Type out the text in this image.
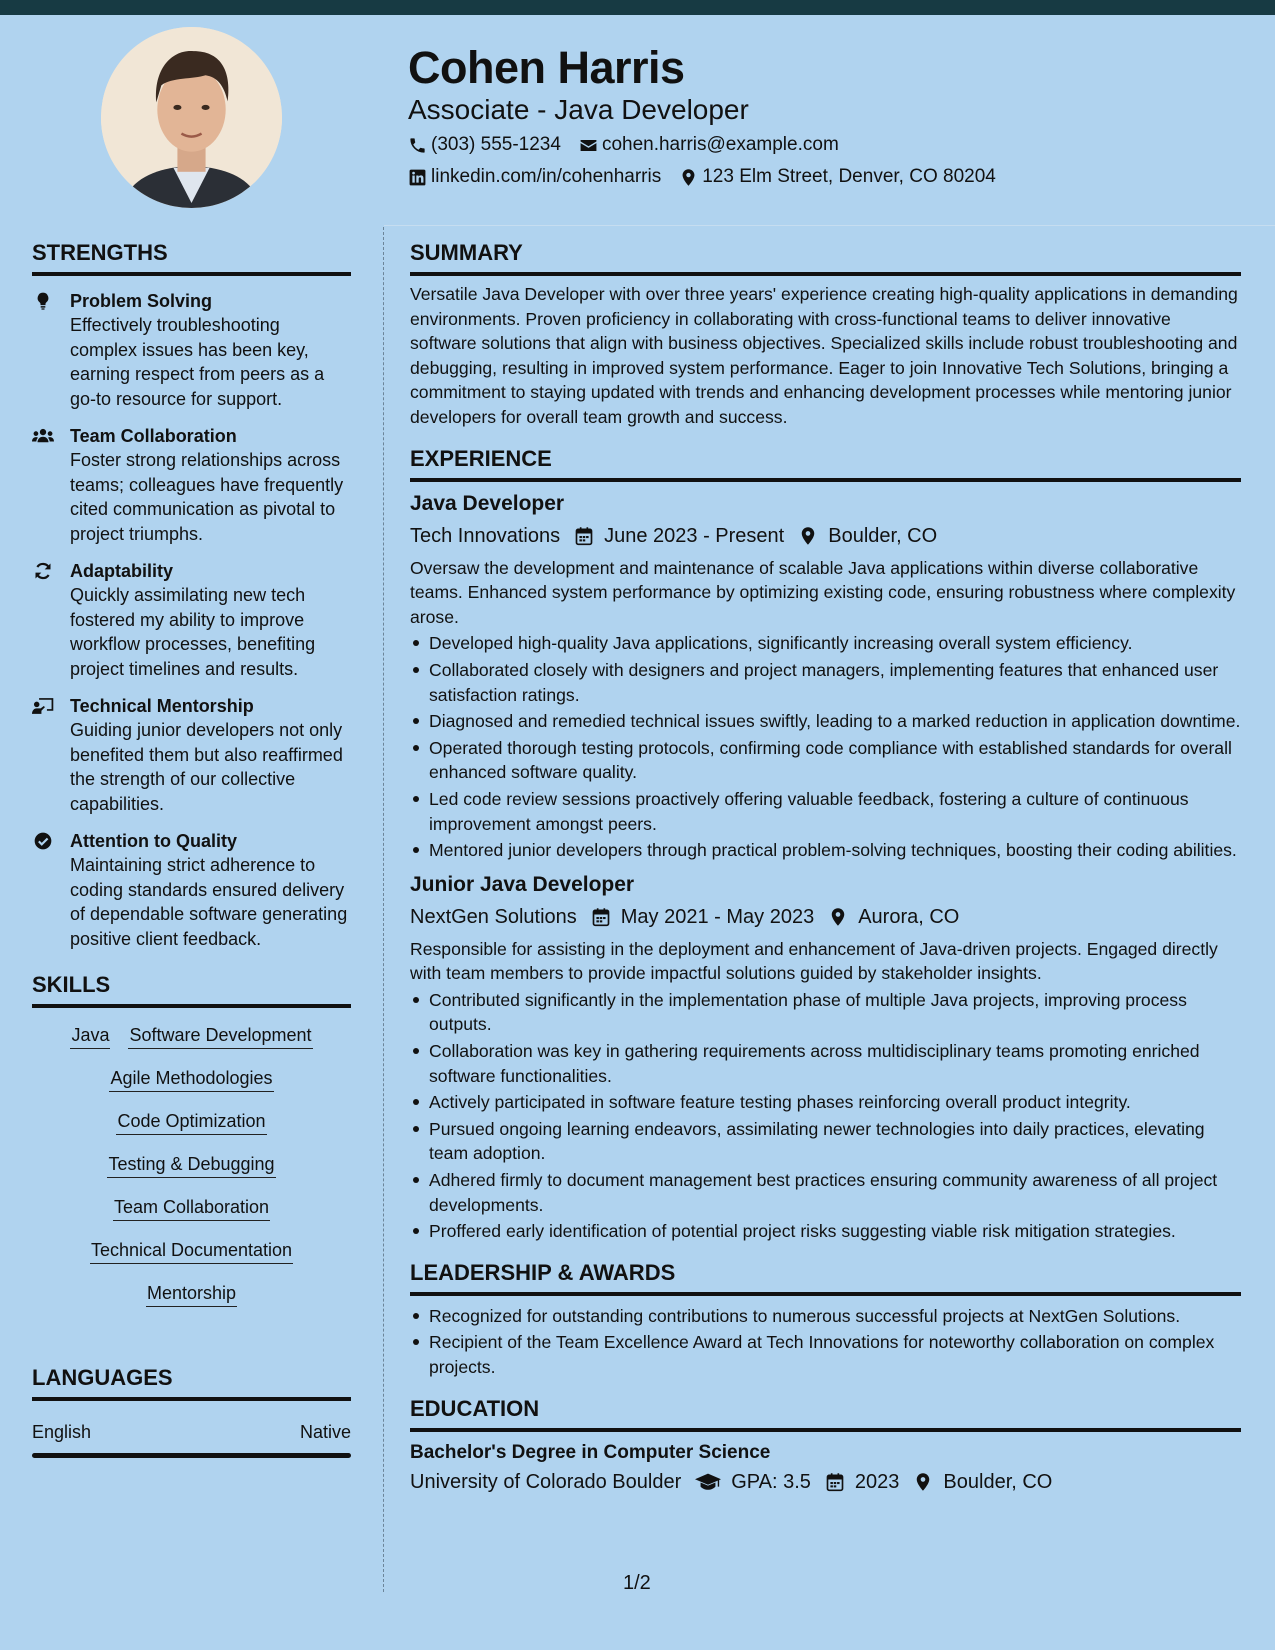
Cohen Harris
Associate - Java Developer
(303) 555-1234 cohen.harris@example.com
linkedin.com/in/cohenharris 123 Elm Street, Denver, CO 80204
STRENGTHS
Problem Solving
Effectively troubleshooting complex issues has been key, earning respect from peers as a go-to resource for support.
Team Collaboration
Foster strong relationships across teams; colleagues have frequently cited communication as pivotal to project triumphs.
Adaptability
Quickly assimilating new tech fostered my ability to improve workflow processes, benefiting project timelines and results.
Technical Mentorship
Guiding junior developers not only benefited them but also reaffirmed the strength of our collective capabilities.
Attention to Quality
Maintaining strict adherence to coding standards ensured delivery of dependable software generating positive client feedback.
SKILLS
Java Software Development
Agile Methodologies
Code Optimization
Testing & Debugging
Team Collaboration
Technical Documentation
Mentorship
LANGUAGES
English	Native
SUMMARY
Versatile Java Developer with over three years' experience creating high-quality applications in demanding environments. Proven proficiency in collaborating with cross-functional teams to deliver innovative software solutions that align with business objectives. Specialized skills include robust troubleshooting and debugging, resulting in improved system performance. Eager to join Innovative Tech Solutions, bringing a commitment to staying updated with trends and enhancing development processes while mentoring junior developers for overall team growth and success.
EXPERIENCE
Java Developer
Tech Innovations June 2023 - Present Boulder, CO
Oversaw the development and maintenance of scalable Java applications within diverse collaborative teams. Enhanced system performance by optimizing existing code, ensuring robustness where complexity arose.
Developed high-quality Java applications, significantly increasing overall system efficiency.
Collaborated closely with designers and project managers, implementing features that enhanced user satisfaction ratings.
Diagnosed and remedied technical issues swiftly, leading to a marked reduction in application downtime.
Operated thorough testing protocols, confirming code compliance with established standards for overall enhanced software quality.
Led code review sessions proactively offering valuable feedback, fostering a culture of continuous improvement amongst peers.
Mentored junior developers through practical problem-solving techniques, boosting their coding abilities.
Junior Java Developer
NextGen Solutions May 2021 - May 2023 Aurora, CO
Responsible for assisting in the deployment and enhancement of Java-driven projects. Engaged directly with team members to provide impactful solutions guided by stakeholder insights.
Contributed significantly in the implementation phase of multiple Java projects, improving process outputs.
Collaboration was key in gathering requirements across multidisciplinary teams promoting enriched software functionalities.
Actively participated in software feature testing phases reinforcing overall product integrity.
Pursued ongoing learning endeavors, assimilating newer technologies into daily practices, elevating team adoption.
Adhered firmly to document management best practices ensuring community awareness of all project developments.
Proffered early identification of potential project risks suggesting viable risk mitigation strategies.
LEADERSHIP & AWARDS
Recognized for outstanding contributions to numerous successful projects at NextGen Solutions.
Recipient of the Team Excellence Award at Tech Innovations for noteworthy collaboration on complex projects.
EDUCATION
Bachelor's Degree in Computer Science
University of Colorado Boulder	GPA: 3.5 2023 Boulder, CO
1/2
